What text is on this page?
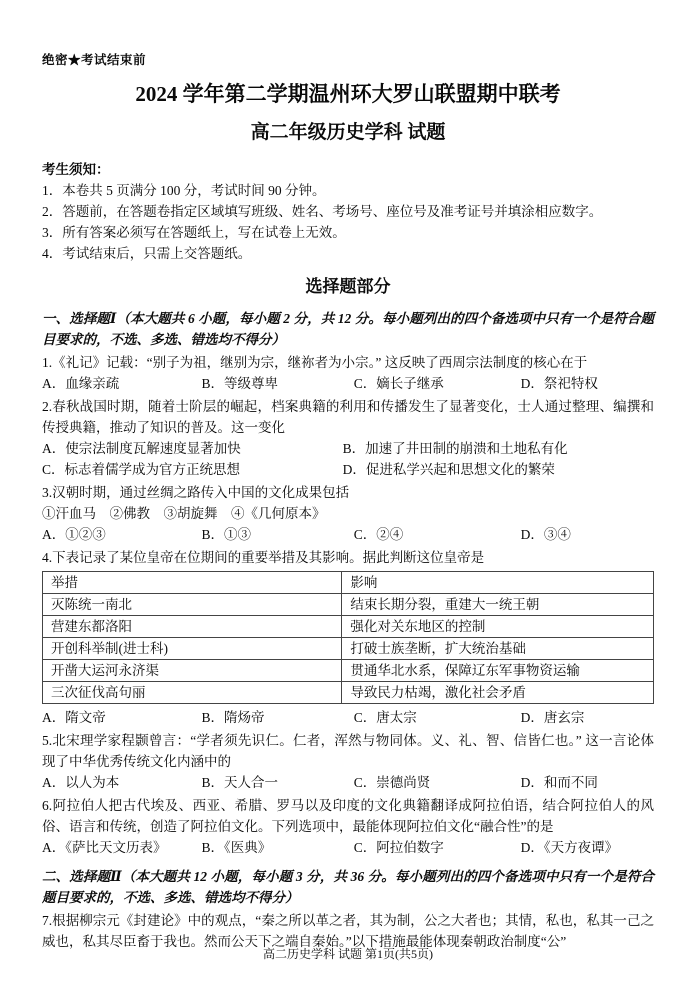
绝密★考试结束前
2024 学年第二学期温州环大罗山联盟期中联考
高二年级历史学科 试题
考生须知：
1．本卷共 5 页满分 100 分，考试时间 90 分钟。
2．答题前，在答题卷指定区域填写班级、姓名、考场号、座位号及准考证号并填涂相应数字。
3．所有答案必须写在答题纸上，写在试卷上无效。
4．考试结束后，只需上交答题纸。
选择题部分
一、选择题Ⅰ（本大题共 6 小题，每小题 2 分，共 12 分。每小题列出的四个备选项中只有一个是符合题目要求的，不选、多选、错选均不得分）
1.《礼记》记载：“别子为祖，继别为宗，继祢者为小宗。” 这反映了西周宗法制度的核心在于
A．血缘亲疏	B．等级尊卑	C．嫡长子继承	D．祭祀特权
2.春秋战国时期，随着士阶层的崛起，档案典籍的利用和传播发生了显著变化，士人通过整理、编撰和传授典籍，推动了知识的普及。这一变化
A．使宗法制度瓦解速度显著加快	B．加速了井田制的崩溃和土地私有化
C．标志着儒学成为官方正统思想	D．促进私学兴起和思想文化的繁荣
3.汉朝时期，通过丝绸之路传入中国的文化成果包括
①汗血马　②佛教　③胡旋舞　④《几何原本》
A．①②③	B．①③	C．②④	D．③④
4.下表记录了某位皇帝在位期间的重要举措及其影响。据此判断这位皇帝是
举措	影响
灭陈统一南北	结束长期分裂，重建大一统王朝
营建东都洛阳	强化对关东地区的控制
开创科举制(进士科)	打破士族垄断，扩大统治基础
开凿大运河永济渠	贯通华北水系，保障辽东军事物资运输
三次征伐高句丽	导致民力枯竭，激化社会矛盾
A．隋文帝	B．隋炀帝	C．唐太宗	D．唐玄宗
5.北宋理学家程颢曾言：“学者须先识仁。仁者，浑然与物同体。义、礼、智、信皆仁也。” 这一言论体现了中华优秀传统文化内涵中的
A．以人为本	B．天人合一	C．崇德尚贤	D．和而不同
6.阿拉伯人把古代埃及、西亚、希腊、罗马以及印度的文化典籍翻译成阿拉伯语，结合阿拉伯人的风俗、语言和传统，创造了阿拉伯文化。下列选项中，最能体现阿拉伯文化“融合性”的是
A．《萨比天文历表》	B．《医典》	C．阿拉伯数字	D．《天方夜谭》
二、选择题Ⅱ（本大题共 12 小题，每小题 3 分，共 36 分。每小题列出的四个备选项中只有一个是符合题目要求的，不选、多选、错选均不得分）
7.根据柳宗元《封建论》中的观点，“秦之所以革之者，其为制，公之大者也；其情，私也，私其一己之威也，私其尽臣畜于我也。然而公天下之端自秦始。”以下措施最能体现秦朝政治制度“公”
高二历史学科 试题 第1页(共5页)
